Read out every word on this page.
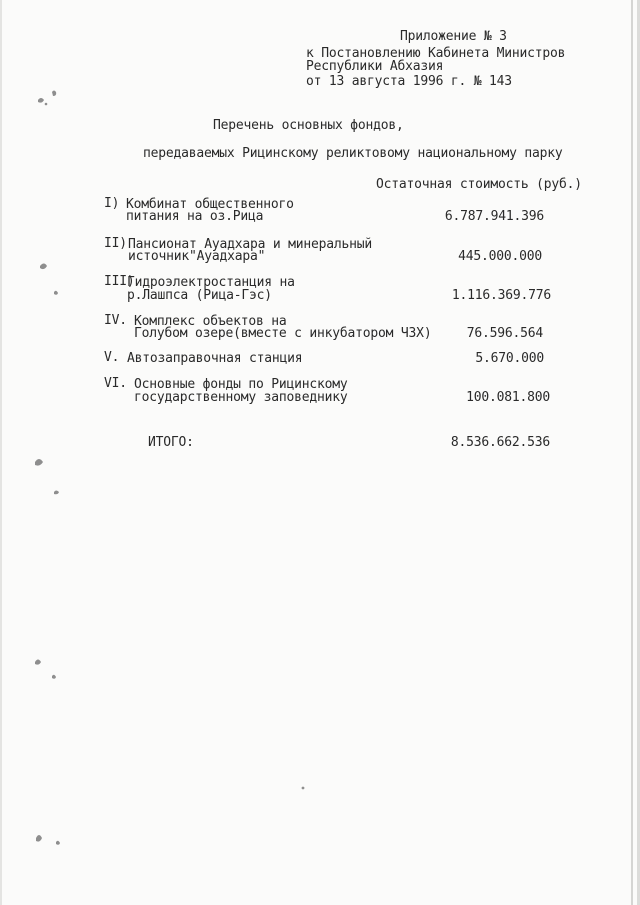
Приложение № 3
к Постановлению Кабинета Министров
Республики Абхазия
от 13 августа 1996 г. № 143
Перечень основных фондов,
передаваемых Рицинскому реликтовому национальному парку
Остаточная стоимость (руб.)
I) Комбинат общественного
питания на оз.Рица	6.787.941.396
II) Пансионат Ауадхара и минеральный
источник"Ауадхара"	445.000.000
III)
Гидроэлектростанция на
р.Лашпса (Рица-Гэс)	1.116.369.776
IV. Комплекс объектов на
Голубом озере(вместе с инкубатором ЧЗХ)	76.596.564
V. Автозаправочная станция	5.670.000
VI. Основные фонды по Рицинскому
государственному заповеднику	100.081.800
ИТОГО:	8.536.662.536
